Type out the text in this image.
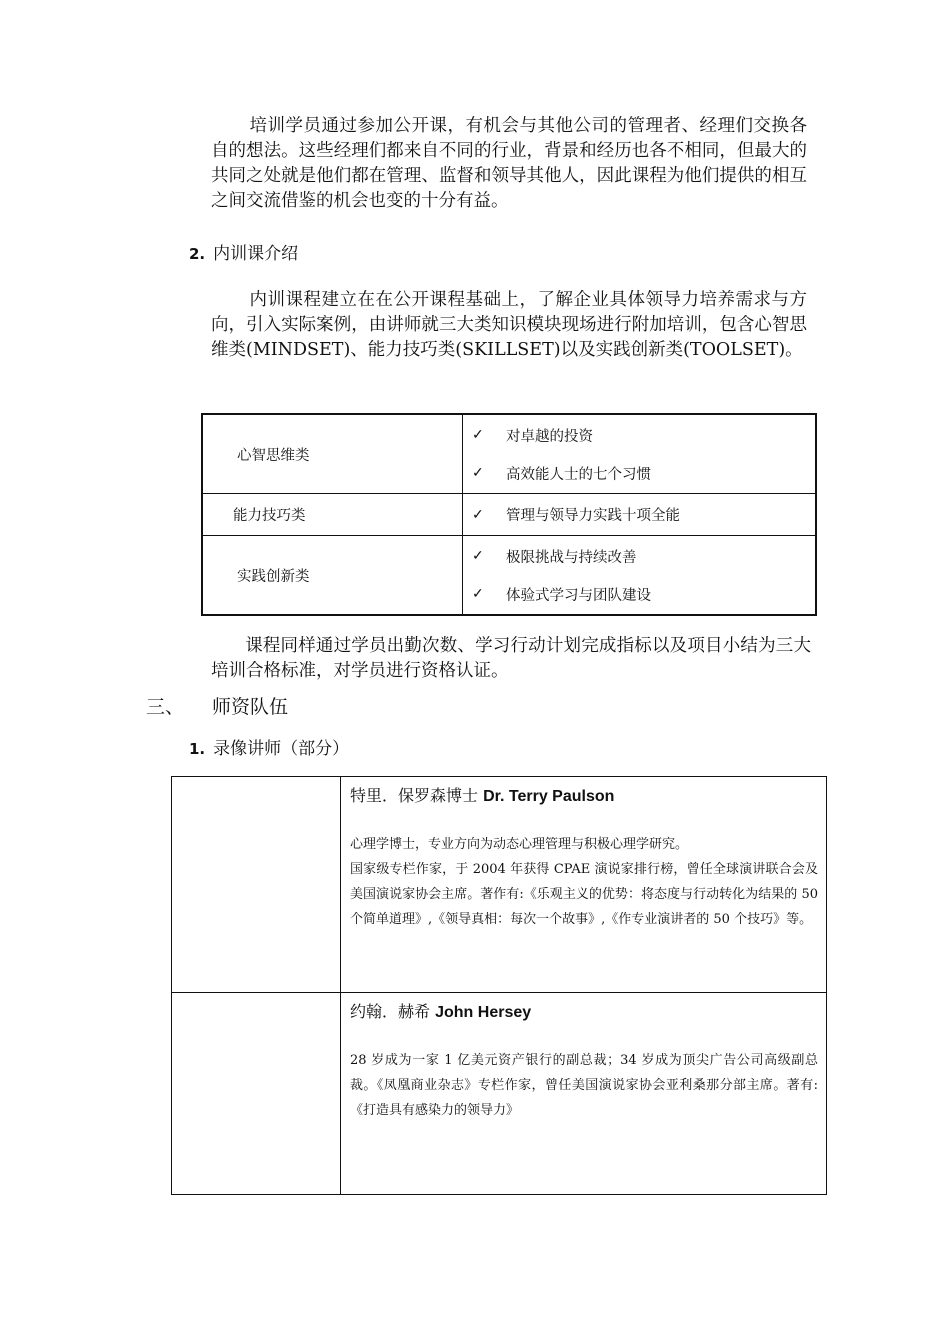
培训学员通过参加公开课，有机会与其他公司的管理者、经理们交换各自的想法。这些经理们都来自不同的行业，背景和经历也各不相同，但最大的共同之处就是他们都在管理、监督和领导其他人，因此课程为他们提供的相互之间交流借鉴的机会也变的十分有益。
2. 内训课介绍
内训课程建立在在公开课程基础上，了解企业具体领导力培养需求与方向，引入实际案例，由讲师就三大类知识模块现场进行附加培训，包含心智思维类(MINDSET)、能力技巧类(SKILLSET)以及实践创新类(TOOLSET)。
心智思维类	✓ 对卓越的投资
✓ 高效能人士的七个习惯

能力技巧类	✓ 管理与领导力实践十项全能

实践创新类	✓ 极限挑战与持续改善
✓ 体验式学习与团队建设
课程同样通过学员出勤次数、学习行动计划完成指标以及项目小结为三大培训合格标准，对学员进行资格认证。
三、 师资队伍
1. 录像讲师（部分）

	特里．保罗森博士 Dr. Terry Paulson
心理学博士，专业方向为动态心理管理与积极心理学研究。
国家级专栏作家，于 2004 年获得 CPAE 演说家排行榜，曾任全球演讲联合会及美国演说家协会主席。著作有:《乐观主义的优势：将态度与行动转化为结果的 50 个简单道理》,《领导真相：每次一个故事》,《作专业演讲者的 50 个技巧》等。

	约翰．赫希 John Hersey
28 岁成为一家 1 亿美元资产银行的副总裁；34 岁成为顶尖广告公司高级副总裁。《凤凰商业杂志》专栏作家，曾任美国演说家协会亚利桑那分部主席。著有:《打造具有感染力的领导力》
